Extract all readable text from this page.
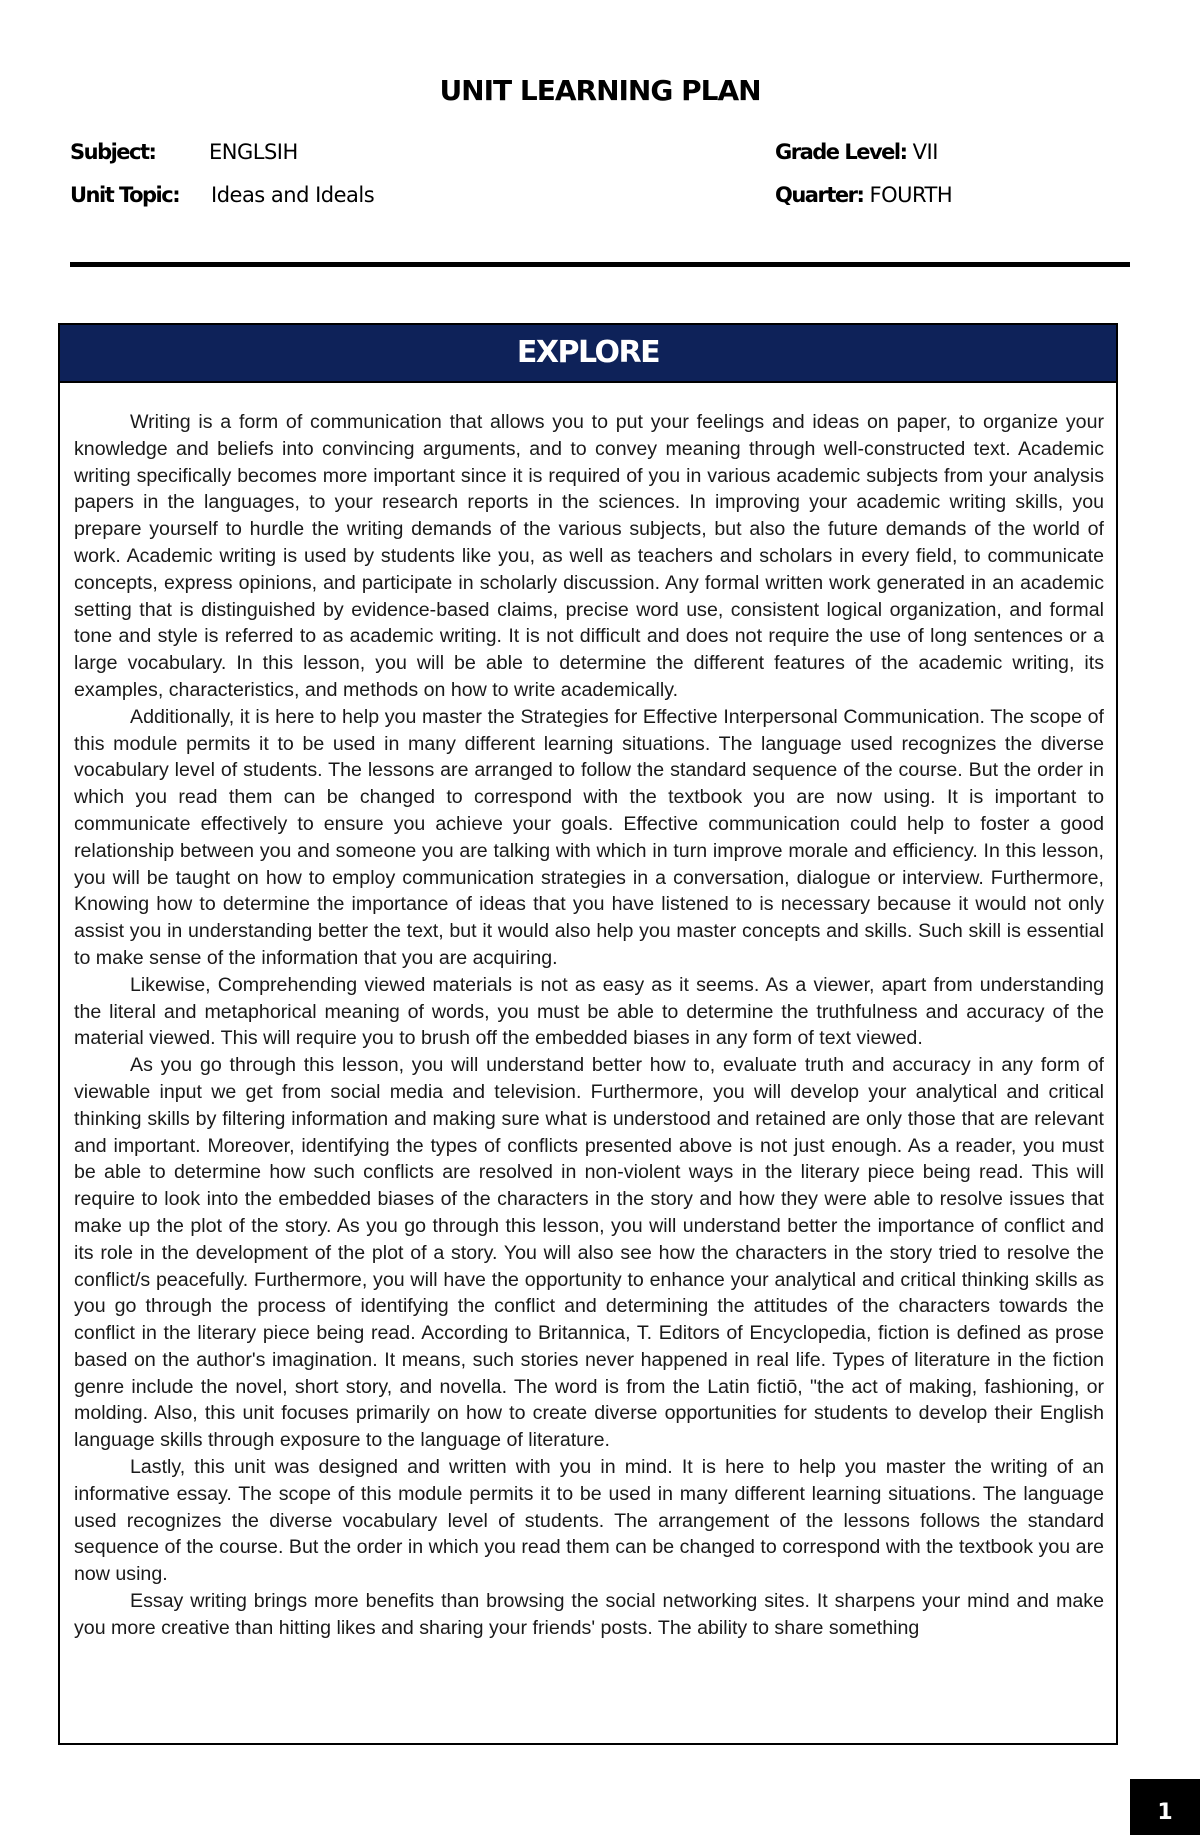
UNIT LEARNING PLAN
Subject:	ENGLSIH
Unit Topic: Ideas and Ideals
Grade Level: VII
Quarter: FOURTH
EXPLORE

Writing is a form of communication that allows you to put your feelings and ideas on paper, to organize your knowledge and beliefs into convincing arguments, and to convey meaning through well-constructed text. Academic writing specifically becomes more important since it is required of you in various academic subjects from your analysis papers in the languages, to your research reports in the sciences. In improving your academic writing skills, you prepare yourself to hurdle the writing demands of the various subjects, but also the future demands of the world of work. Academic writing is used by students like you, as well as teachers and scholars in every field, to communicate concepts, express opinions, and participate in scholarly discussion. Any formal written work generated in an academic setting that is distinguished by evidence-based claims, precise word use, consistent logical organization, and formal tone and style is referred to as academic writing. It is not difficult and does not require the use of long sentences or a large vocabulary. In this lesson, you will be able to determine the different features of the academic writing, its examples, characteristics, and methods on how to write academically.

Additionally, it is here to help you master the Strategies for Effective Interpersonal Communication. The scope of this module permits it to be used in many different learning situations. The language used recognizes the diverse vocabulary level of students. The lessons are arranged to follow the standard sequence of the course. But the order in which you read them can be changed to correspond with the textbook you are now using. It is important to communicate effectively to ensure you achieve your goals. Effective communication could help to foster a good relationship between you and someone you are talking with which in turn improve morale and efficiency. In this lesson, you will be taught on how to employ communication strategies in a conversation, dialogue or interview. Furthermore, Knowing how to determine the importance of ideas that you have listened to is necessary because it would not only assist you in understanding better the text, but it would also help you master concepts and skills. Such skill is essential to make sense of the information that you are acquiring.

Likewise, Comprehending viewed materials is not as easy as it seems. As a viewer, apart from understanding the literal and metaphorical meaning of words, you must be able to determine the truthfulness and accuracy of the material viewed. This will require you to brush off the embedded biases in any form of text viewed.

As you go through this lesson, you will understand better how to, evaluate truth and accuracy in any form of viewable input we get from social media and television. Furthermore, you will develop your analytical and critical thinking skills by filtering information and making sure what is understood and retained are only those that are relevant and important. Moreover, identifying the types of conflicts presented above is not just enough. As a reader, you must be able to determine how such conflicts are resolved in non-violent ways in the literary piece being read. This will require to look into the embedded biases of the characters in the story and how they were able to resolve issues that make up the plot of the story. As you go through this lesson, you will understand better the importance of conflict and its role in the development of the plot of a story. You will also see how the characters in the story tried to resolve the conflict/s peacefully. Furthermore, you will have the opportunity to enhance your analytical and critical thinking skills as you go through the process of identifying the conflict and determining the attitudes of the characters towards the conflict in the literary piece being read. According to Britannica, T. Editors of Encyclopedia, fiction is defined as prose based on the author's imagination. It means, such stories never happened in real life. Types of literature in the fiction genre include the novel, short story, and novella. The word is from the Latin fictiō, "the act of making, fashioning, or molding. Also, this unit focuses primarily on how to create diverse opportunities for students to develop their English language skills through exposure to the language of literature.

Lastly, this unit was designed and written with you in mind. It is here to help you master the writing of an informative essay. The scope of this module permits it to be used in many different learning situations. The language used recognizes the diverse vocabulary level of students. The arrangement of the lessons follows the standard sequence of the course. But the order in which you read them can be changed to correspond with the textbook you are now using.

Essay writing brings more benefits than browsing the social networking sites. It sharpens your mind and make you more creative than hitting likes and sharing your friends' posts. The ability to share something

1
